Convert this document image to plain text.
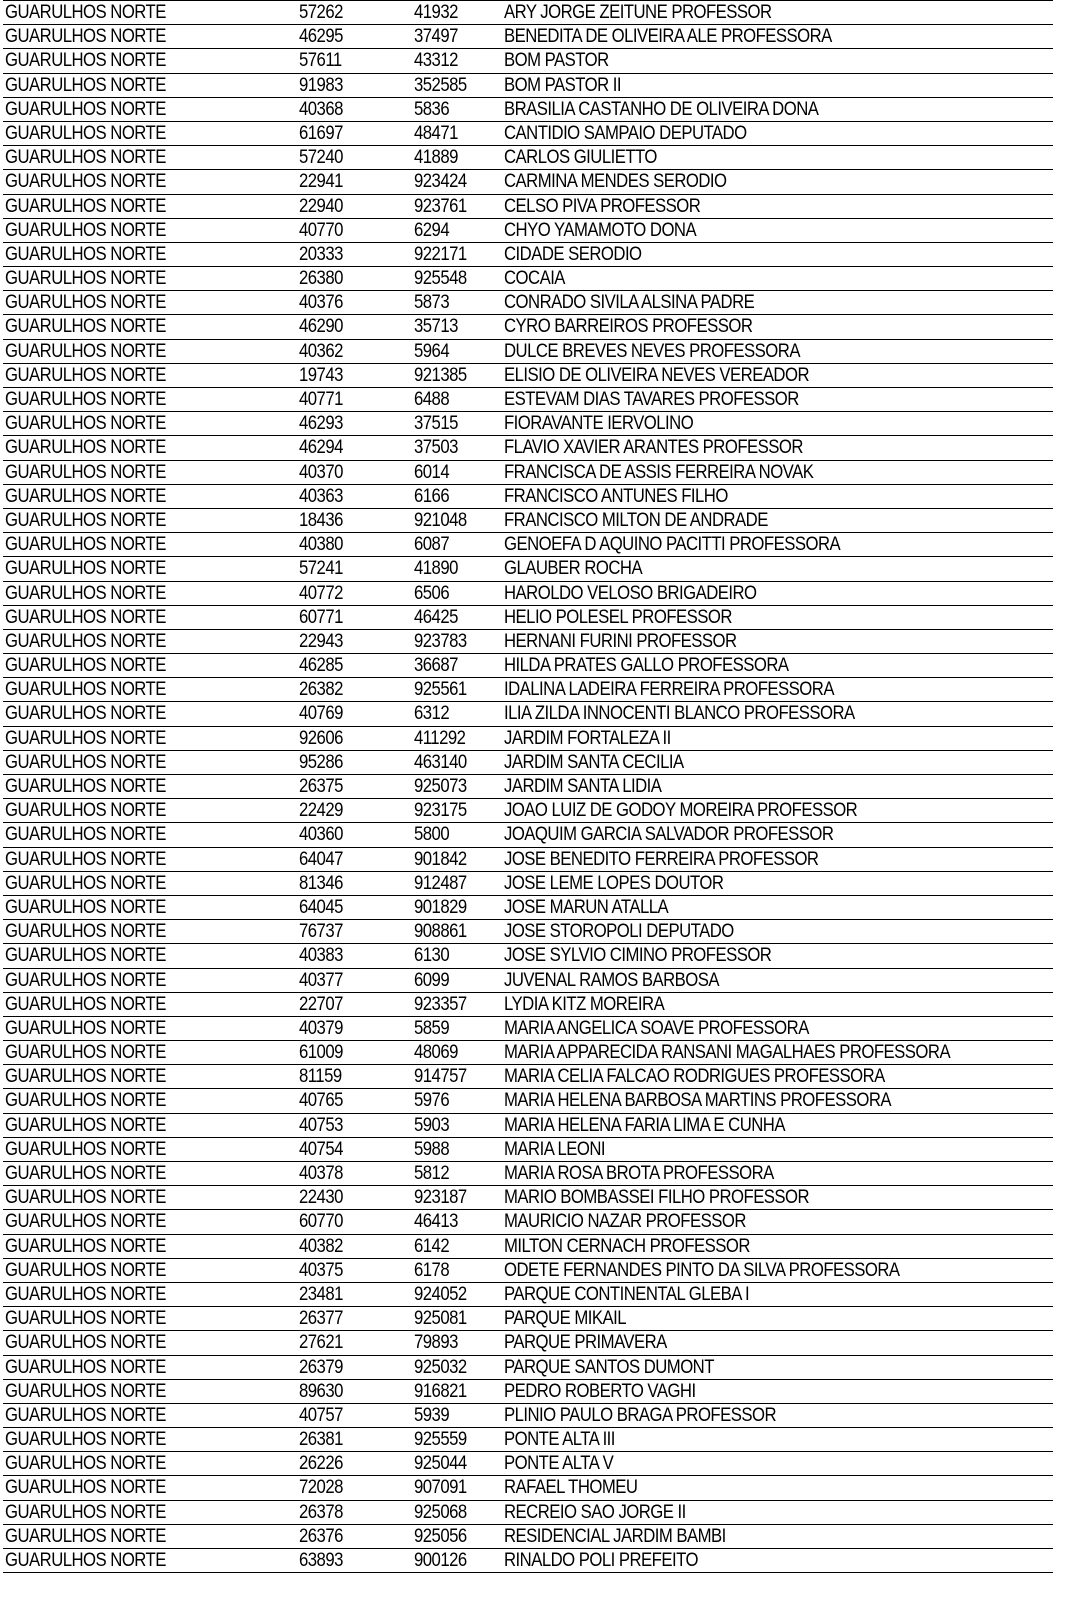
GUARULHOS NORTE	57262	41932 ARY JORGE ZEITUNE PROFESSOR
GUARULHOS NORTE	46295	37497 BENEDITA DE OLIVEIRA ALE PROFESSORA
GUARULHOS NORTE	57611	43312 BOM PASTOR
GUARULHOS NORTE	91983	352585 BOM PASTOR II
GUARULHOS NORTE	40368	5836	BRASILIA CASTANHO DE OLIVEIRA DONA
GUARULHOS NORTE	61697	48471 CANTIDIO SAMPAIO DEPUTADO
GUARULHOS NORTE	57240	41889 CARLOS GIULIETTO
GUARULHOS NORTE	22941	923424 CARMINA MENDES SERODIO
GUARULHOS NORTE	22940	923761 CELSO PIVA PROFESSOR
GUARULHOS NORTE	40770	6294	CHYO YAMAMOTO DONA
GUARULHOS NORTE	20333	922171 CIDADE SERODIO
GUARULHOS NORTE	26380	925548 COCAIA
GUARULHOS NORTE	40376	5873	CONRADO SIVILA ALSINA PADRE
GUARULHOS NORTE	46290	35713 CYRO BARREIROS PROFESSOR
GUARULHOS NORTE	40362	5964	DULCE BREVES NEVES PROFESSORA
GUARULHOS NORTE	19743	921385 ELISIO DE OLIVEIRA NEVES VEREADOR
GUARULHOS NORTE	40771	6488	ESTEVAM DIAS TAVARES PROFESSOR
GUARULHOS NORTE	46293	37515 FIORAVANTE IERVOLINO
GUARULHOS NORTE	46294	37503 FLAVIO XAVIER ARANTES PROFESSOR
GUARULHOS NORTE	40370	6014	FRANCISCA DE ASSIS FERREIRA NOVAK
GUARULHOS NORTE	40363	6166	FRANCISCO ANTUNES FILHO
GUARULHOS NORTE	18436	921048 FRANCISCO MILTON DE ANDRADE
GUARULHOS NORTE	40380	6087	GENOEFA D AQUINO PACITTI PROFESSORA
GUARULHOS NORTE	57241	41890 GLAUBER ROCHA
GUARULHOS NORTE	40772	6506	HAROLDO VELOSO BRIGADEIRO
GUARULHOS NORTE	60771	46425 HELIO POLESEL PROFESSOR
GUARULHOS NORTE	22943	923783 HERNANI FURINI PROFESSOR
GUARULHOS NORTE	46285	36687 HILDA PRATES GALLO PROFESSORA
GUARULHOS NORTE	26382	925561 IDALINA LADEIRA FERREIRA PROFESSORA
GUARULHOS NORTE	40769	6312	ILIA ZILDA INNOCENTI BLANCO PROFESSORA
GUARULHOS NORTE	92606	411292 JARDIM FORTALEZA II
GUARULHOS NORTE	95286	463140 JARDIM SANTA CECILIA
GUARULHOS NORTE	26375	925073 JARDIM SANTA LIDIA
GUARULHOS NORTE	22429	923175 JOAO LUIZ DE GODOY MOREIRA PROFESSOR
GUARULHOS NORTE	40360	5800	JOAQUIM GARCIA SALVADOR PROFESSOR
GUARULHOS NORTE	64047	901842 JOSE BENEDITO FERREIRA PROFESSOR
GUARULHOS NORTE	81346	912487 JOSE LEME LOPES DOUTOR
GUARULHOS NORTE	64045	901829 JOSE MARUN ATALLA
GUARULHOS NORTE	76737	908861 JOSE STOROPOLI DEPUTADO
GUARULHOS NORTE	40383	6130	JOSE SYLVIO CIMINO PROFESSOR
GUARULHOS NORTE	40377	6099	JUVENAL RAMOS BARBOSA
GUARULHOS NORTE	22707	923357 LYDIA KITZ MOREIRA
GUARULHOS NORTE	40379	5859	MARIA ANGELICA SOAVE PROFESSORA
GUARULHOS NORTE	61009	48069 MARIA APPARECIDA RANSANI MAGALHAES PROFESSORA
GUARULHOS NORTE	81159	914757 MARIA CELIA FALCAO RODRIGUES PROFESSORA
GUARULHOS NORTE	40765	5976	MARIA HELENA BARBOSA MARTINS PROFESSORA
GUARULHOS NORTE	40753	5903	MARIA HELENA FARIA LIMA E CUNHA
GUARULHOS NORTE	40754	5988	MARIA LEONI
GUARULHOS NORTE	40378	5812	MARIA ROSA BROTA PROFESSORA
GUARULHOS NORTE	22430	923187 MARIO BOMBASSEI FILHO PROFESSOR
GUARULHOS NORTE	60770	46413 MAURICIO NAZAR PROFESSOR
GUARULHOS NORTE	40382	6142	MILTON CERNACH PROFESSOR
GUARULHOS NORTE	40375	6178	ODETE FERNANDES PINTO DA SILVA PROFESSORA
GUARULHOS NORTE	23481	924052 PARQUE CONTINENTAL GLEBA I
GUARULHOS NORTE	26377	925081 PARQUE MIKAIL
GUARULHOS NORTE	27621	79893 PARQUE PRIMAVERA
GUARULHOS NORTE	26379	925032 PARQUE SANTOS DUMONT
GUARULHOS NORTE	89630	916821 PEDRO ROBERTO VAGHI
GUARULHOS NORTE	40757	5939	PLINIO PAULO BRAGA PROFESSOR
GUARULHOS NORTE	26381	925559 PONTE ALTA III
GUARULHOS NORTE	26226	925044 PONTE ALTA V
GUARULHOS NORTE	72028	907091 RAFAEL THOMEU
GUARULHOS NORTE	26378	925068 RECREIO SAO JORGE II
GUARULHOS NORTE	26376	925056 RESIDENCIAL JARDIM BAMBI
GUARULHOS NORTE	63893	900126 RINALDO POLI PREFEITO
